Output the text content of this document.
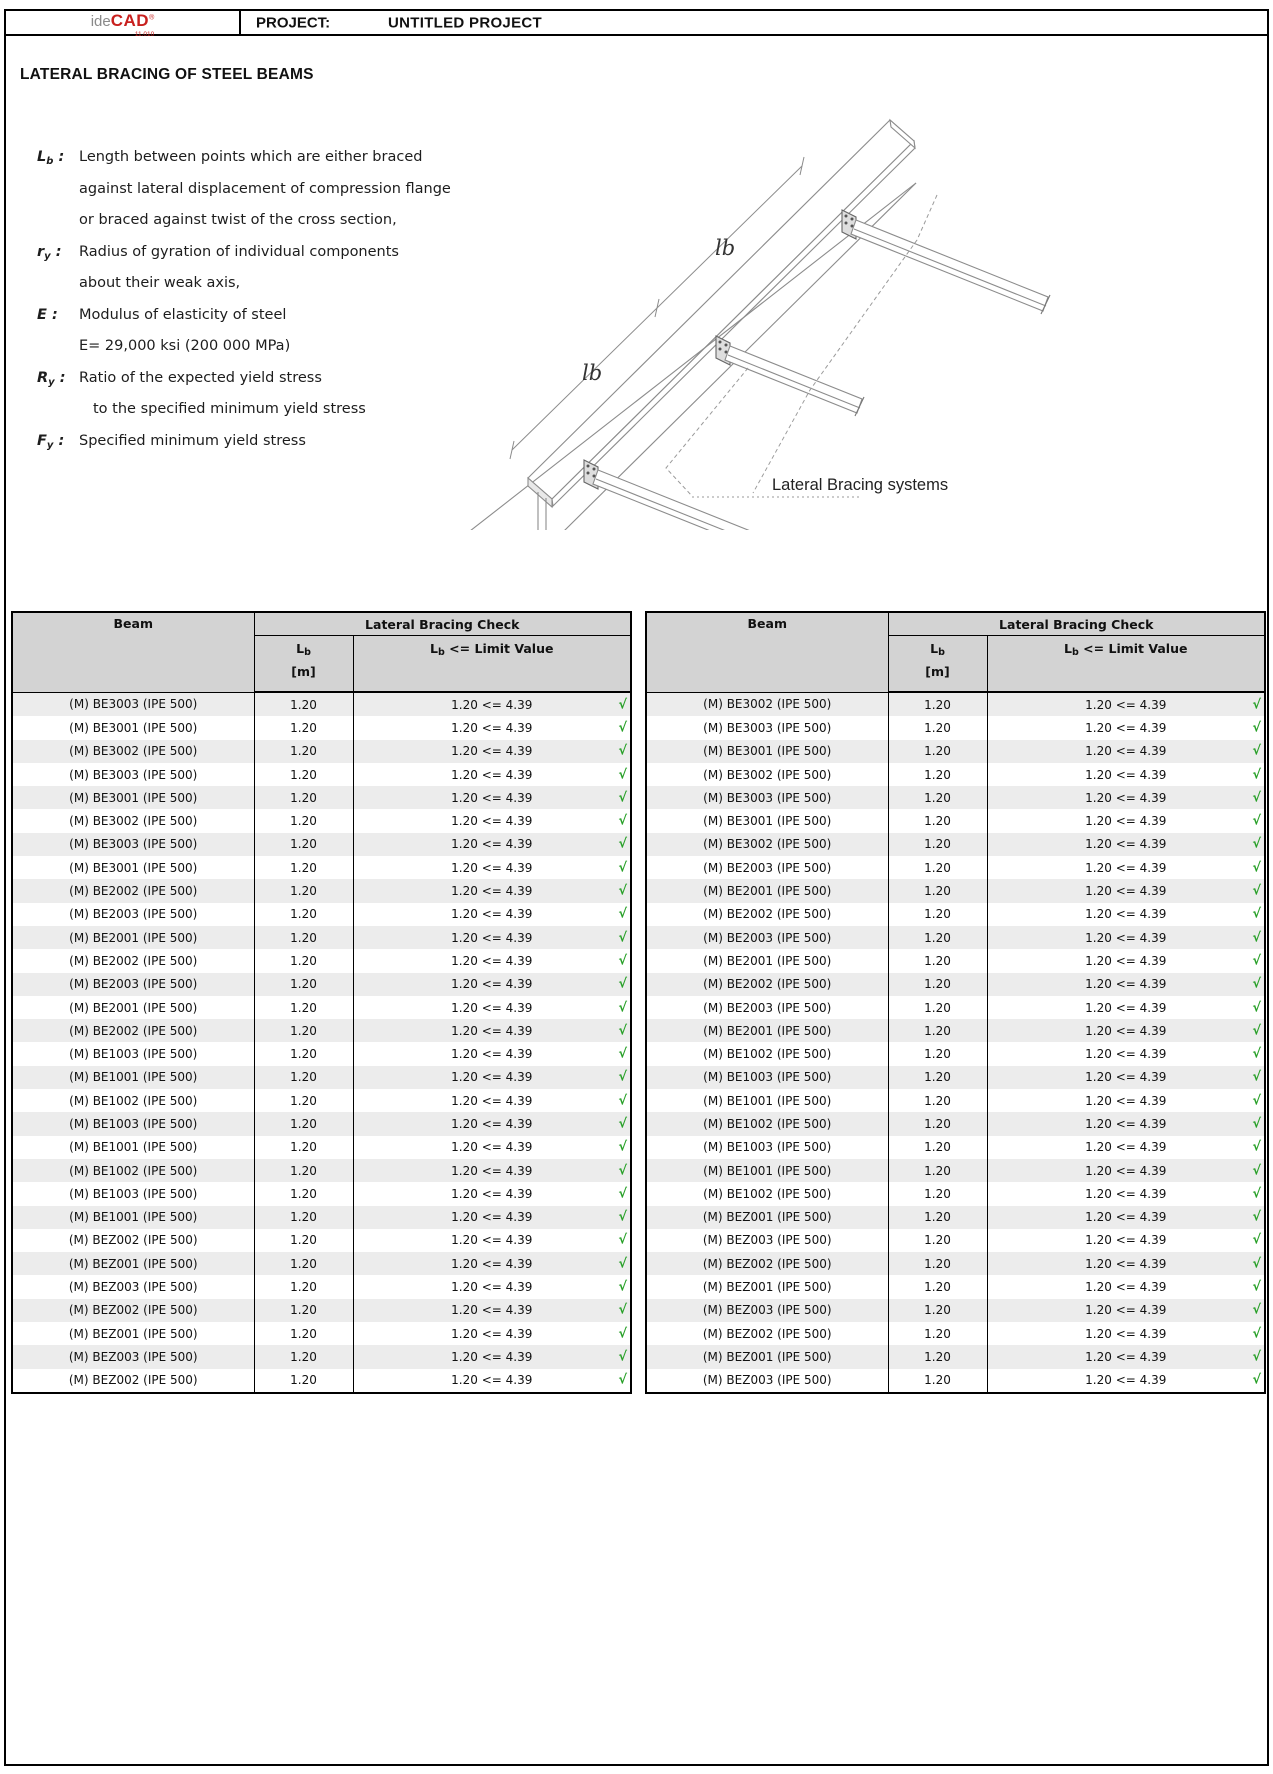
ideCAD®
11.010
PROJECT:	UNTITLED PROJECT
LATERAL BRACING OF STEEL BEAMS
$L_b$ :	Length between points which are either braced
against lateral displacement of compression flange
or braced against twist of the cross section,
$r_y$ :	Radius of gyration of individual components
about their weak axis,
E :	Modulus of elasticity of steel
E= 29,000 ksi (200 000 MPa)
$R_y$ : Ratio of the expected yield stress
to the specified minimum yield stress
$F_y$ :	Specified minimum yield stress
lb
lb
Lateral Bracing systems
Beam	Lateral Bracing Check	
	Lb
[m]	Lb <= Limit Value
(M) BE3003 (IPE 500)	1.20	1.20 <= 4.39 √

(M) BE3001 (IPE 500)	1.20	1.20 <= 4.39 √

(M) BE3002 (IPE 500)	1.20	1.20 <= 4.39 √

(M) BE3003 (IPE 500)	1.20	1.20 <= 4.39 √

(M) BE3001 (IPE 500)	1.20	1.20 <= 4.39 √

(M) BE3002 (IPE 500)	1.20	1.20 <= 4.39 √

(M) BE3003 (IPE 500)	1.20	1.20 <= 4.39 √

(M) BE3001 (IPE 500)	1.20	1.20 <= 4.39 √

(M) BE2002 (IPE 500)	1.20	1.20 <= 4.39 √

(M) BE2003 (IPE 500)	1.20	1.20 <= 4.39 √

(M) BE2001 (IPE 500)	1.20	1.20 <= 4.39 √

(M) BE2002 (IPE 500)	1.20	1.20 <= 4.39 √

(M) BE2003 (IPE 500)	1.20	1.20 <= 4.39 √

(M) BE2001 (IPE 500)	1.20	1.20 <= 4.39 √

(M) BE2002 (IPE 500)	1.20	1.20 <= 4.39 √

(M) BE1003 (IPE 500)	1.20	1.20 <= 4.39 √

(M) BE1001 (IPE 500)	1.20	1.20 <= 4.39 √

(M) BE1002 (IPE 500)	1.20	1.20 <= 4.39 √

(M) BE1003 (IPE 500)	1.20	1.20 <= 4.39 √

(M) BE1001 (IPE 500)	1.20	1.20 <= 4.39 √

(M) BE1002 (IPE 500)	1.20	1.20 <= 4.39 √

(M) BE1003 (IPE 500)	1.20	1.20 <= 4.39 √

(M) BE1001 (IPE 500)	1.20	1.20 <= 4.39 √

(M) BEZ002 (IPE 500)	1.20	1.20 <= 4.39 √

(M) BEZ001 (IPE 500)	1.20	1.20 <= 4.39 √

(M) BEZ003 (IPE 500)	1.20	1.20 <= 4.39 √

(M) BEZ002 (IPE 500)	1.20	1.20 <= 4.39 √

(M) BEZ001 (IPE 500)	1.20	1.20 <= 4.39 √

(M) BEZ003 (IPE 500)	1.20	1.20 <= 4.39 √

(M) BEZ002 (IPE 500)	1.20	1.20 <= 4.39 √
Beam	Lateral Bracing Check	
	Lb
[m]	Lb <= Limit Value
(M) BE3002 (IPE 500)	1.20	1.20 <= 4.39 √

(M) BE3003 (IPE 500)	1.20	1.20 <= 4.39 √

(M) BE3001 (IPE 500)	1.20	1.20 <= 4.39 √

(M) BE3002 (IPE 500)	1.20	1.20 <= 4.39 √

(M) BE3003 (IPE 500)	1.20	1.20 <= 4.39 √

(M) BE3001 (IPE 500)	1.20	1.20 <= 4.39 √

(M) BE3002 (IPE 500)	1.20	1.20 <= 4.39 √

(M) BE2003 (IPE 500)	1.20	1.20 <= 4.39 √

(M) BE2001 (IPE 500)	1.20	1.20 <= 4.39 √

(M) BE2002 (IPE 500)	1.20	1.20 <= 4.39 √

(M) BE2003 (IPE 500)	1.20	1.20 <= 4.39 √

(M) BE2001 (IPE 500)	1.20	1.20 <= 4.39 √

(M) BE2002 (IPE 500)	1.20	1.20 <= 4.39 √

(M) BE2003 (IPE 500)	1.20	1.20 <= 4.39 √

(M) BE2001 (IPE 500)	1.20	1.20 <= 4.39 √

(M) BE1002 (IPE 500)	1.20	1.20 <= 4.39 √

(M) BE1003 (IPE 500)	1.20	1.20 <= 4.39 √

(M) BE1001 (IPE 500)	1.20	1.20 <= 4.39 √

(M) BE1002 (IPE 500)	1.20	1.20 <= 4.39 √

(M) BE1003 (IPE 500)	1.20	1.20 <= 4.39 √

(M) BE1001 (IPE 500)	1.20	1.20 <= 4.39 √

(M) BE1002 (IPE 500)	1.20	1.20 <= 4.39 √

(M) BEZ001 (IPE 500)	1.20	1.20 <= 4.39 √

(M) BEZ003 (IPE 500)	1.20	1.20 <= 4.39 √

(M) BEZ002 (IPE 500)	1.20	1.20 <= 4.39 √

(M) BEZ001 (IPE 500)	1.20	1.20 <= 4.39 √

(M) BEZ003 (IPE 500)	1.20	1.20 <= 4.39 √

(M) BEZ002 (IPE 500)	1.20	1.20 <= 4.39 √

(M) BEZ001 (IPE 500)	1.20	1.20 <= 4.39 √

(M) BEZ003 (IPE 500)	1.20	1.20 <= 4.39 √
